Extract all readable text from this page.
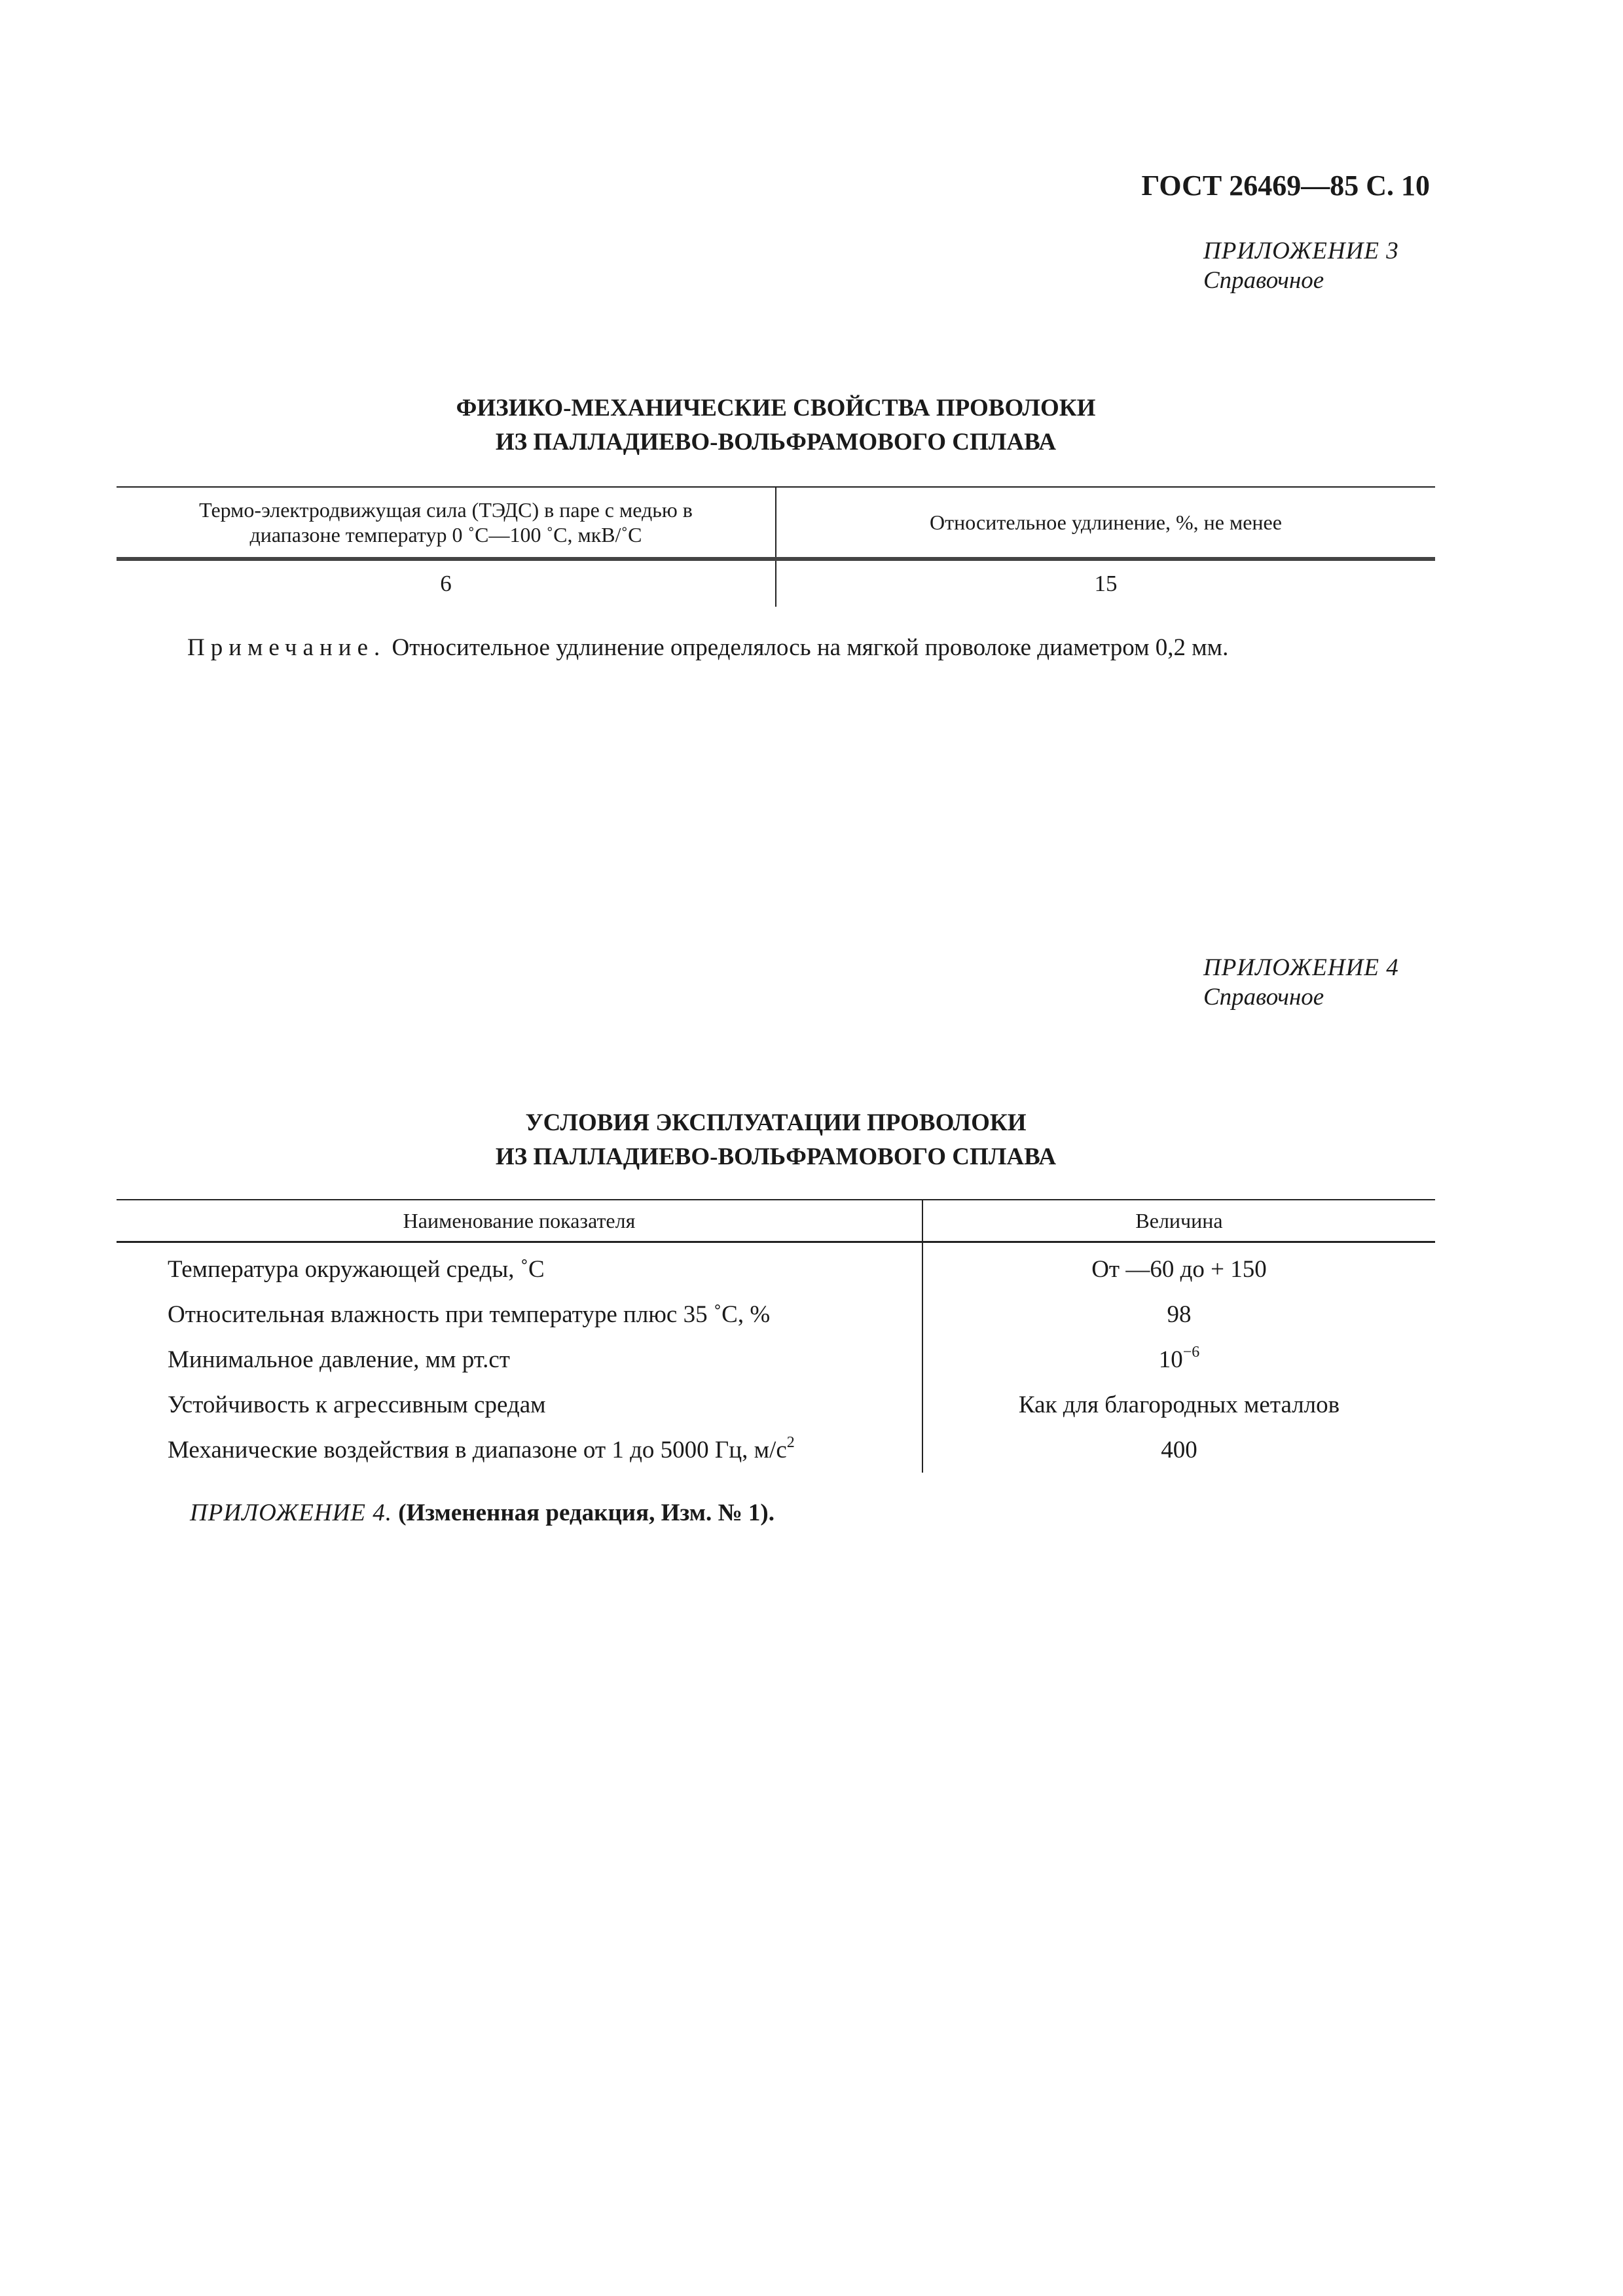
ГОСТ 26469—85 С. 10
ПРИЛОЖЕНИЕ 3
Справочное
ФИЗИКО-МЕХАНИЧЕСКИЕ СВОЙСТВА ПРОВОЛОКИ
ИЗ ПАЛЛАДИЕВО-ВОЛЬФРАМОВОГО СПЛАВА
Термо-электродвижущая сила (ТЭДС) в паре с медью в
диапазоне температур 0 ˚C—100 ˚C, мкВ/˚C	Относительное удлинение, %, не менее
6	15
Примечание. Относительное удлинение определялось на мягкой проволоке диаметром 0,2 мм.
ПРИЛОЖЕНИЕ 4
Справочное
УСЛОВИЯ ЭКСПЛУАТАЦИИ ПРОВОЛОКИ
ИЗ ПАЛЛАДИЕВО-ВОЛЬФРАМОВОГО СПЛАВА
Наименование показателя	Величина
Температура окружающей среды, ˚C	От —60 до + 150
Относительная влажность при температуре плюс 35 ˚C, %	98
Минимальное давление, мм рт.ст	$10^{-6}$
Устойчивость к агрессивным средам	Как для благородных металлов
Механические воздействия в диапазоне от 1 до 5000 Гц, $м/с^2$	400
ПРИЛОЖЕНИЕ 4. (Измененная редакция, Изм. № 1).
